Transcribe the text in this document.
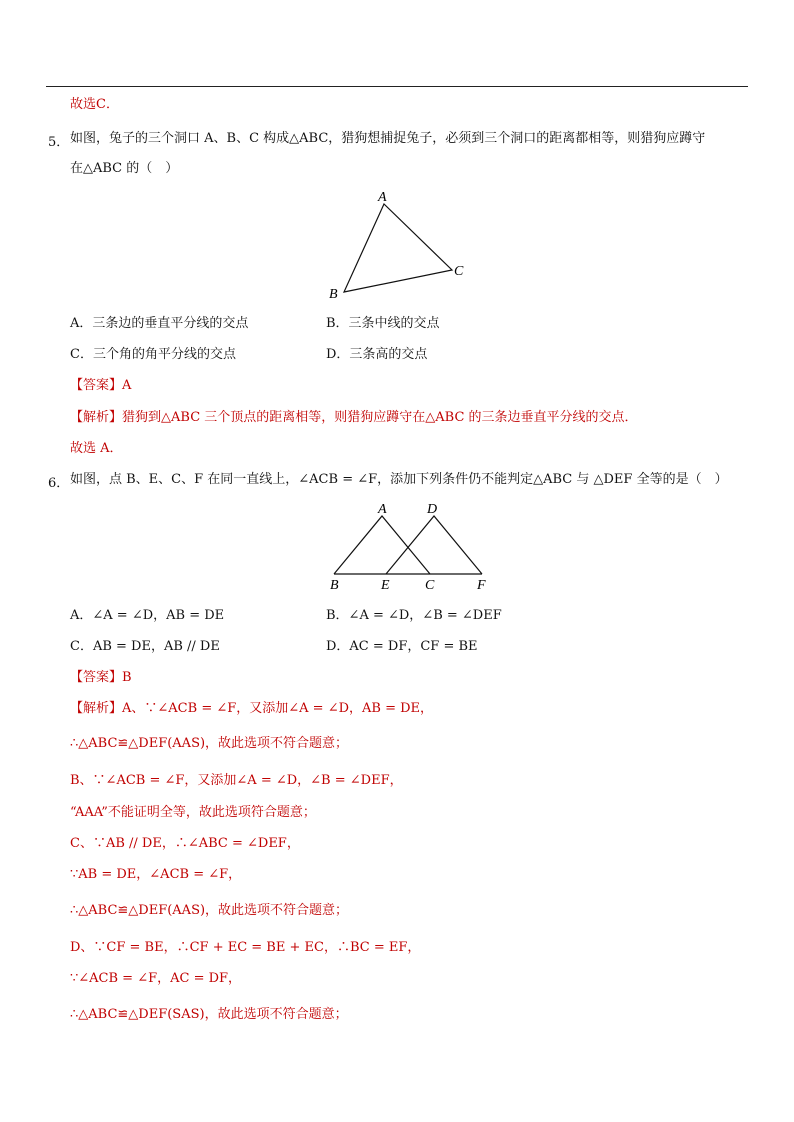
故选C．
5． 如图，兔子的三个洞口 A、B、C 构成△ABC，猎狗想捕捉兔子，必须到三个洞口的距离都相等，则猎狗应蹲守
在△ABC 的（　）
A
B
C
A．三条边的垂直平分线的交点	B．三条中线的交点
C．三个角的角平分线的交点	D．三条高的交点
【答案】A
【解析】猎狗到△ABC 三个顶点的距离相等，则猎狗应蹲守在△ABC 的三条边垂直平分线的交点．
故选 A．
6． 如图，点 B、E、C、F 在同一直线上，∠ACB = ∠F，添加下列条件仍不能判定△ABC 与 △DEF 全等的是（　）
A	D
B	E	C	F
A．∠A = ∠D，AB = DE	B．∠A = ∠D，∠B = ∠DEF
C．AB = DE，AB // DE	D．AC = DF，CF = BE
【答案】B
【解析】A、∵∠ACB = ∠F，又添加∠A = ∠D，AB = DE，
∴△ABC≌△DEF(AAS)，故此选项不符合题意；
B、∵∠ACB = ∠F，又添加∠A = ∠D，∠B = ∠DEF，
“AAA”不能证明全等，故此选项符合题意；
C、∵AB // DE，∴∠ABC = ∠DEF，
∵AB = DE，∠ACB = ∠F，
∴△ABC≌△DEF(AAS)，故此选项不符合题意；
D、∵CF = BE，∴CF + EC = BE + EC，∴BC = EF，
∵∠ACB = ∠F，AC = DF，
∴△ABC≌△DEF(SAS)，故此选项不符合题意；
